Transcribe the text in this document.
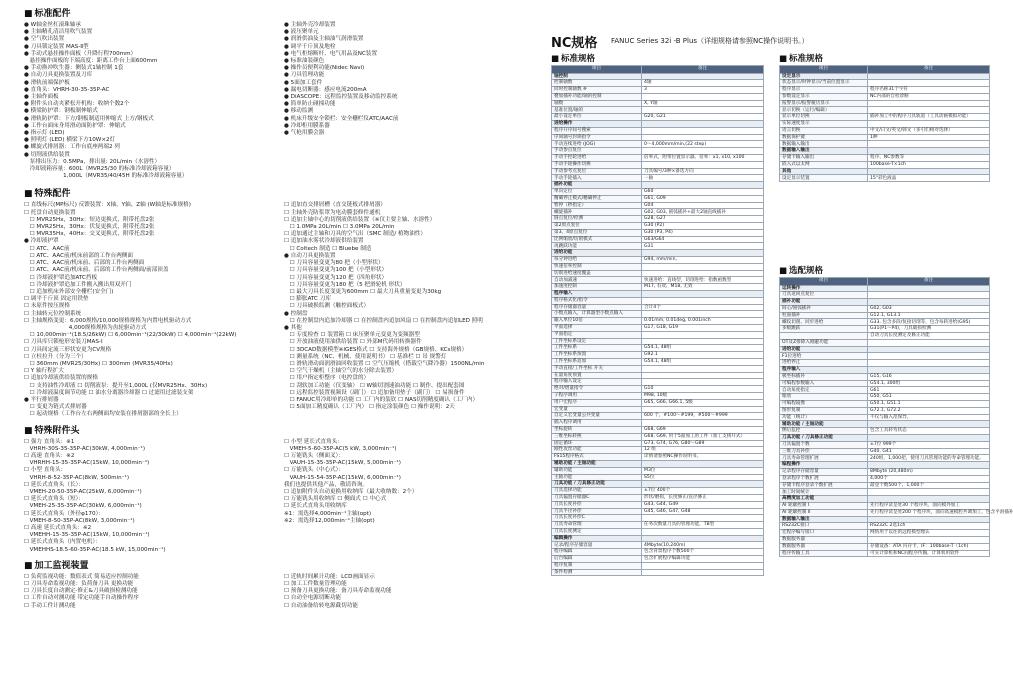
■ 标准配件
● W轴金丝杠滚珠轴承
● 主轴精孔清洁用吹气装置
● 空气吹出装置
● 刀具锁定装置 MAS-Ⅱ型
● 手动式悬挂操作面板（升降行程700mm）
　悬挂操作面板的下端高度：距离工作台上面600mm
● 手动换冲吹生器：侧装式1轴控制 1套
● 自动刀具更换装置及刀库
● 滑轨前端保护板
● 直角头：VHRH-30-35-35P-AC
● 主轴作面板
● 附件头自动夹紧松开机构：收纳个数2个
● 横梁防护罩：钢板制伸缩式
● 滑轨防护罩：下方/钢板制适用伸缩式 上方/钢板式
● 工作台面床身用滑动面防护罩：伸缩式
● 指示灯 (LED)
● 照明灯 (LED) 横梁下方10W×2灯
● 螺旋式排屑器：工作台底座两端2 列
● 切削液供给装置
　泵排出压力：0.5MPa，排出量: 20L/min（水溶性）
　冷却液箱容量：600L（MVR25/30 的标准冷却液箱容量）
　　　　　　　1,000L（MVR35/40/45H 的标准冷却液箱容量）
● 主轴外壳冷却装置
● 液压聚单元
● 润滑供油及主轴油气润滑装置
● 调平千斤顶及地栓
● 电气柜熔断杆、电气用品及NC装置
● 标准油装颜色
● 操作员便利功能(Nidec Navi)
● 刀具管理功能
● 5面加工套件
● 漏电切断器：感应电流200mA
● DiASCOPE：远程监控装置及移动监控系统
● 简单防止碰撞功能
● 移动监测
● 机床升级安全锁栏：安全栅栏仪ATC/AAC前
● 冷却柜用膜系器
● 气枪用膜会器
■ 特殊配件
☐ 直线标尺(MP标尺) 反馈装置：X轴、Y轴、Z轴 (W轴是标准规格)
☐ 托盘自动更换装置
　☐ MVR25Hx，30Hx：短边更换式，附带托盘2张
　☐ MVR25Hx，30Hx：伏复更换式，附带托盘2张
　☐ MVR35Hx，40Hx：交叉更换式，附带托盘2张
● 冷却液护罩
　☐ ATC、AAC前
　☐ ATC、AAC前/机床前部的工作台两侧面
　☐ ATC、AAC前/机床前、后部的工作台两侧面
　☐ ATC、AAC前/机床前、后部的工作台两侧面/前部顶盖
　☐ 冷却液护罩追加ATC挡板
　☐ 冷却液护罩追加工件搬入搬出用双开门
　☐ 追加机床外部安全栅栏(安全门)
☐ 调平千斤顶 固定用铁垫
☐ 未原件按压规格
☐ 主轴转元位控制系统
☐ 主轴规格变更：6,000规格/10,000规格规格为内置电机驱动方式
　　　　　　　　4,000规格规格为齿轮驱动方式
　☐ 10,000min⁻¹(18.5/26kW) ☐ 6,000min⁻¹(22/30kW) ☐ 4,000min⁻¹(22kW)
☐ 刀具库只锁枪形安装刀MAS-Ⅰ
☐ 刀具间定流三形状安更为CV规格
☐ 立柱拉升（分为三个）
　☐ 360mm (MVR25/30Hx) ☐ 300mm (MVR35/40Hx)
☐ Y 轴行程扩大
☐ 追加冷却液供给装置的规格
　☐ 支持油性冷却液 ☐ 切削液泵：提升至1,000L (仅MVR25Hx、30Hx)
　☐ 冷却液温度调节功能 ☐ 油水分离器冷却器 ☐ 过滤用过滤装支架
● 平行排屑器
　☐ 变更为链式式排屑器
　☐ 起动规格（工作台左右两侧面均安装在排屑器部的全长上）
☐ 追加直交排屑槽（直交链板式排屑器）
☐ 主轴外壳防浆罩为电动膜套修件通机
☐ 追加主轴中心的切削液供给装置（※仅主要主轴、水溶性）
　☐ 1.0MPa 20L/min ☐ 3.0MPa 20L/min
☐ 追加通过主轴和刀具的空气出（SMC 制造/ 植物油性）
☐ 追加油水雾状冷却液供给装置
　☐ Coltech 制造 ☐ Bluebe 制造
● 自动刀具更换装置
　☐ 刀具容量变更为80 把（小型形状）
　☐ 刀具容量变更为100 把（小型形状）
　☐ 刀具容量变更为120 把（四角形状）
　☐ 刀具容量变更为180 把（5 把滑轮机 形状）
　☐ 最大刀具长度变更为600mm ☐ 最大刀具重量变更为30kg
　☐ 膨胀ATC 刀库
　☐ 刀具破损监测（触控面板式）
● 控制盘
　☐ 在控制盘内追加冷却器 ☐ 在控制盘内追加风扇 ☐ 在控制盘内追加LED 照明
● 其他
　☐ 专度检查 ☐ 装置箱 ☐ 床压聚单元变更为变频器型
　☐ 开放油液使用油供给装置 ☐ 外部M代码用转换器件
　☐ 3DCAD数据模型※IGES格式 ☐ 支持海外规格（GB规格、KCs规格）
　☐ 测量系统（NC、机械、使用说明书） ☐ 基准栏 ☐ 吊 规警灯
　☐ 滑轨滑动面润滑油回收装置 ☐ 空气压缩机（搭载空气降冷器）1500NL/min
　☐ 空气干燥机（主轴空气的水分除去装置）
　☐ 用户指定柜整序（电控盘的）
　☐ 刮软加工功能（仅变轴） ☐ W轴切割速油功能 ☐ 制作、提出配套图
　☐ 远程监控装置视频设（副门） ☐ 追加备用垫子（副门） ☐ 易损备件
　☐ FANUC用冷却单的功能 ☐ 工厂内的装钦 ☐ NAS切削精度确认（工厂内）
　☐ 5面加工精度确认（工厂内） ☐ 指定涂装颜色 ☐ 操作说明：2天
■ 特殊附件头
☐ 强力 直角头：※1
　VHRH-30S-35-35P-AC(30kW, 4,000min⁻¹)
☐ 高速 直角头：※2
　VHRHH-15-35-35P-AC(15kW, 10,000min⁻¹)
☐ 小型 直角头：
　VHRH-8-52-35P-AC(8kW, 500min⁻¹)
☐ 延长式直角头（长）：
　VMEH-20-50-35P-AC(25kW, 6,000min⁻¹)
☐ 延长式直角头（短）：
　VMEH-25-35-35P-AC(30kW, 6,000min⁻¹)
☐ 延长式直角头（外径φ170）：
　VMEH-8-50-35P-AC(8kW, 3,000min⁻¹)
☐ 高速 延长式直角头：※2
　VMEHH-15-35-35P-AC(15kW, 10,000min⁻¹)
☐ 延长式直角头（内置电机）：
　VMEHHS-18.5-60-35P-AC(18.5 kW, 15,000min⁻¹)
☐ 小型 延长式直角头：
　VMEH-5-60-35P-AC(5 kW, 3,000min⁻¹)
☐ 万能铣头（侧面叉）：
　VAUH-15-35-35P-AC(15kW, 5,000min⁻¹)
☐ 万能铣头（中心式）：
　VAUH-15-54-35P-AC(15kW, 6,000min⁻¹)
我们也提供其他产品，敬请咨询。
☐ 追加附件头自动更换用收纳库（最大收纳数：2个）
☐ 万能铣头用收纳库 ☐ 侧面式 ☐ 中心式
☐ 延长式直角头用收纳库
※1：需选择4,000min⁻¹主轴(opt)
※2：需选择12,000min⁻¹主轴(opt)
■ 加工监视装置
☐ 负荷监视功能：数值表式 简易适应控制功能
☐ 刀具寿命监视功能：负荷备刀具 更换功能
☐ 刀具长度自动测定·修正&刀具破损检测功能
☐ 工件自动对测功能 带定功能手自动操作程序
☐ 手动工件计测功能
☐ 近轨时间累计功能：LCD画面显示
☐ 加工工件数量管理功能
☐ 预备刀具更换功能：备刀具寿命监视功能
☐ 自动全电源切断功能
☐ 自动油备给转电源截切功能
NC规格 FANUC Series 32i -B Plus（详细规格请参照NC操作说明书。）
■ 标准规格
项目	备注
轴控制	
控制轴数	4轴
同时控制轴数 ※	3
叠加插补功能/轴的控制	
轴数	X, Y轴
基准位置/轴的	
最小设定单位	G20, G21
进给操作	
程序开序间号搜索	
序间轴号封锁指令	
手动连续进给 (JOG)	0〜4,000mm/min,(22 step)
手动参点复位	
手动手控轮进给	倍率式，附带位置显示器。倍率：x1, x10, x100
手动手轮操作切换	
手动参考点复位	刀具编号/3种×备选方向
手动手轮插入	一轴
插补功能	
单向定位	G60
精确停止模式/精确停止	G61, G09
暂停（秒指定）	G04
螺旋插补	G02, G03, 圆弧插补+最大2轴直线插补
圆点复位/检测	G28, G27
第2原点复位	G30 (P2)
第3、4原点复位	G30 (P3, P4)
比例缩放/切削模式	G63/G64
再跳跃功能	G31
进给功能	
每分钟进给	G94, mm/min,
快速倍率控制	
切削进给速度覆盖	
自动加减速	快速进给：直线型，切削进给：指数函数型
加速度控制	M17, 有效、M18, 无效
程序输入	
程序格式化/指令	
程序存储器容量	合计4个
小数点输入，计算器型小数点输入	
输入单位10倍	0.01mm, 0.01deg, 0.001inch
平面选择	G17, G18, G19
平面指定	
工件坐标系设定	
工件坐标系	G54.1, 48组
工件坐标系预置	G92.1
工件坐标系追加	G54.1, 48组
手动直接/工件坐标 开关	
在量角度预置	
程序输入设定	
绝对/增量指令	G10
子程序调用	M98, 10级
用户宏程序	G65, G66, G66.1, 5级
宏变量	
自定义宏变量公共变量	600 个，#100〜#199，#500〜#999
插入程序调用	
坐标旋转	G68, G69
三维坐标转换	G68, G69, 用于5面加工的工件（加工支援开式）
固定循环	G73, G74, G76, G80〜G89
刚性攻丝功能	12 组
FS15程序格式	详情请参照NC操作说明书。
辅助功能 / 主轴功能	
辅助功能	M3位
主轴功能	S5位
刀具功能 / 刀具修正功能	
刀具选择功能	±7位 400个
刀具偏置存储器C	形状/磨损，长度修正/直径修正
刀具长度补偿	G43, G44, G49
刀具半径补偿	G45, G46, G47, G48
刀具长度补偿C	
刀具寿命管理	任务次数量刀具的管理功能，TB型
刀具长度测定	
编辑操作	
记录/程序存储容量	4Mbyte(10,240m)
程序编辑	包含背景程序个数500个
后台编辑	包含扩展程序编辑功能
程序复制	
条件检测	
■ 标准规格
项目	备注
设定显示	
状态显示/时钟显示/当前位置显示	
程序显示	程序名称31个字符
参数设定显示	NC内部的自检诊断
报警显示/报警履历显示	
显示切换（运行/编辑）	
显示单位切换	插补加工中的程序刀具轨道（工具动画模拟功能）
实际速度显示	
语言切换	中文/日文/英文/韩文（多引们相对选择）
数据保护键	1种
数据输入输出	
数据输入输出	
存储卡输入输出	程序、NC参数等
嵌入式以太网	100base-T×1ch
其他	
设定显示装置	15"彩色液晶
■ 选配规格
项目	备注
运转操作	
刀具返回点复位	
插补功能	
间心/圆弧插补	G02, G03
柱面插补	G12.1, G13.1
螺纹切削、同步进给	G33, 包含多段/复接切削等，包含每转进给(G95)
多级跳跃	G31(P1〜P4)，刀具破损检测
	自动刀具长度测定及修正功能
OT及Z排除入刚避功能	
进给功能	
F1位进给	
进给停止	
程序输入	
极坐标插补	G15, G16
可编程参数输入	G54.1, 300组
自动角度指定	G61
缩放	G50, G51
可编程镜像	G50.1, G51.1
图形复制	G72.1, G72.2
功能（统计）	不仅与输入范保异，
辅助功能 / 主轴功能	
侧后监控	包含工具转弯状态
刀具功能 / 刀具修正功能	
刀具偏置个数	±7位 999个
三维刀具补偿	G40, G41
刀具寿命管理扩展	240组，1,000把，使用刀具管理功能的寿命管理功能。
编程操作	
记录程序存储容量	8Mbyte (20,480m)
登录程序个数扩展	4,000个
存储卡程序登录个数扩展	最登个数500个、1,000个
加工时间统计	
高精度加工功能	
AI 轮廓控制 I	先行程序读是处30 个程序块，面向模外加工
AI 轮廓控制 II	先行程序读是处200 个程序块，面向高速模腔共调加工，包含平滑插补
数据输入输出	
RS232C接口	RS232C 2选1ch
宏程序编写接口	网络用于以往的远程模型理认
数据服务器	
数据服务器	存储设备：ATA 闪存卡，IF：100base-T（1ch)
程序传输工具	可实计算机和NC间程序传输，计算机用软件
